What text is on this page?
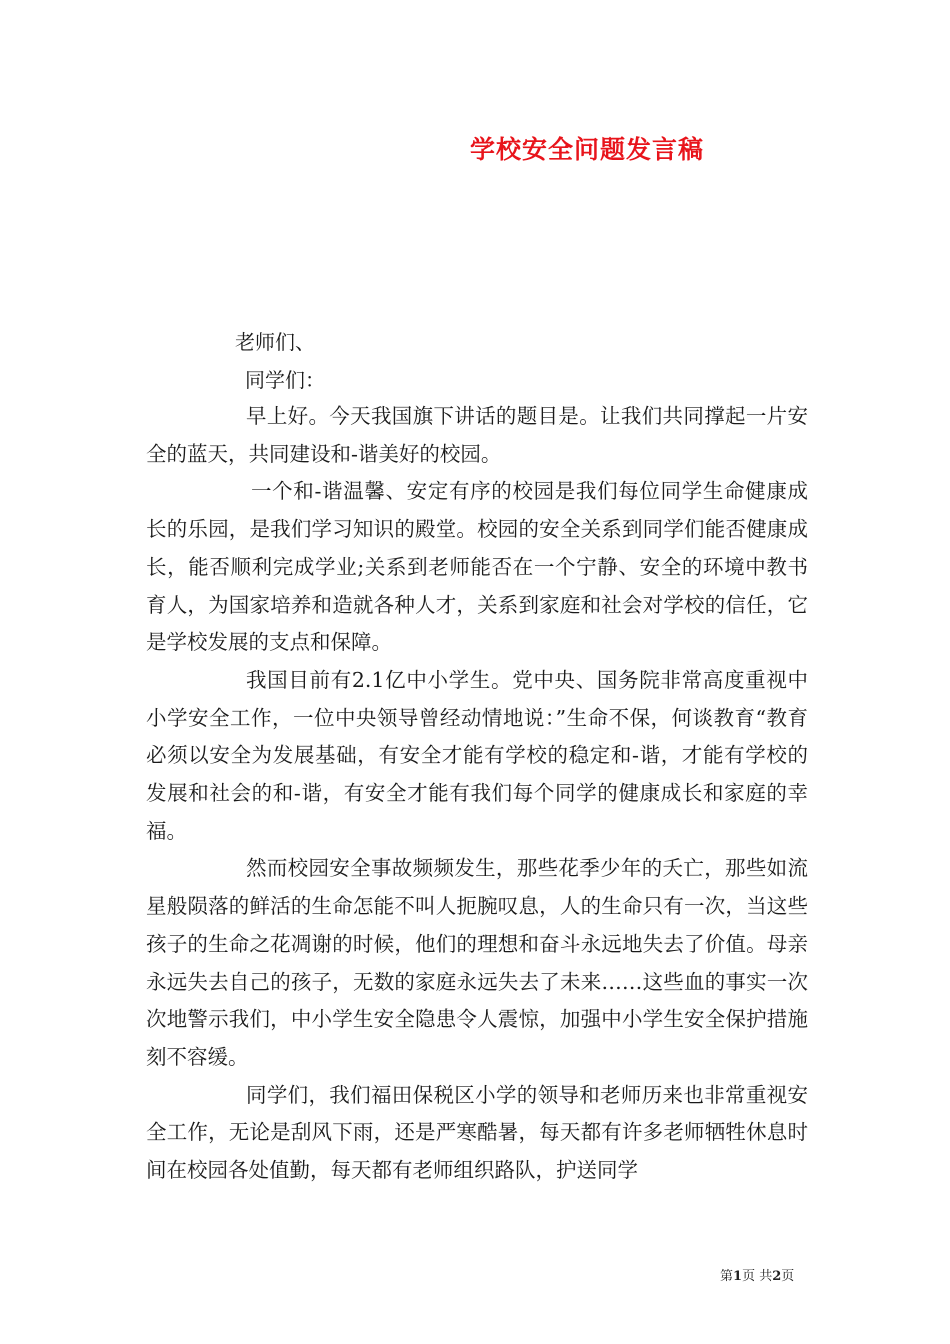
学校安全问题发言稿
老师们、
同学们：

早上好。今天我国旗下讲话的题目是。让我们共同撑起一片安全的蓝天，共同建设和-谐美好的校园。

一个和-谐温馨、安定有序的校园是我们每位同学生命健康成长的乐园，是我们学习知识的殿堂。校园的安全关系到同学们能否健康成长，能否顺利完成学业;关系到老师能否在一个宁静、安全的环境中教书育人，为国家培养和造就各种人才，关系到家庭和社会对学校的信任，它是学校发展的支点和保障。

我国目前有2.1亿中小学生。党中央、国务院非常高度重视中小学安全工作，一位中央领导曾经动情地说：”生命不保，何谈教育“教育必须以安全为发展基础，有安全才能有学校的稳定和-谐，才能有学校的发展和社会的和-谐，有安全才能有我们每个同学的健康成长和家庭的幸福。

然而校园安全事故频频发生，那些花季少年的夭亡，那些如流星般陨落的鲜活的生命怎能不叫人扼腕叹息，人的生命只有一次，当这些孩子的生命之花凋谢的时候，他们的理想和奋斗永远地失去了价值。母亲永远失去自己的孩子，无数的家庭永远失去了未来……这些血的事实一次次地警示我们，中小学生安全隐患令人震惊，加强中小学生安全保护措施刻不容缓。

同学们，我们福田保税区小学的领导和老师历来也非常重视安全工作，无论是刮风下雨，还是严寒酷暑，每天都有许多老师牺牲休息时间在校园各处值勤，每天都有老师组织路队，护送同学

第1页 共2页
